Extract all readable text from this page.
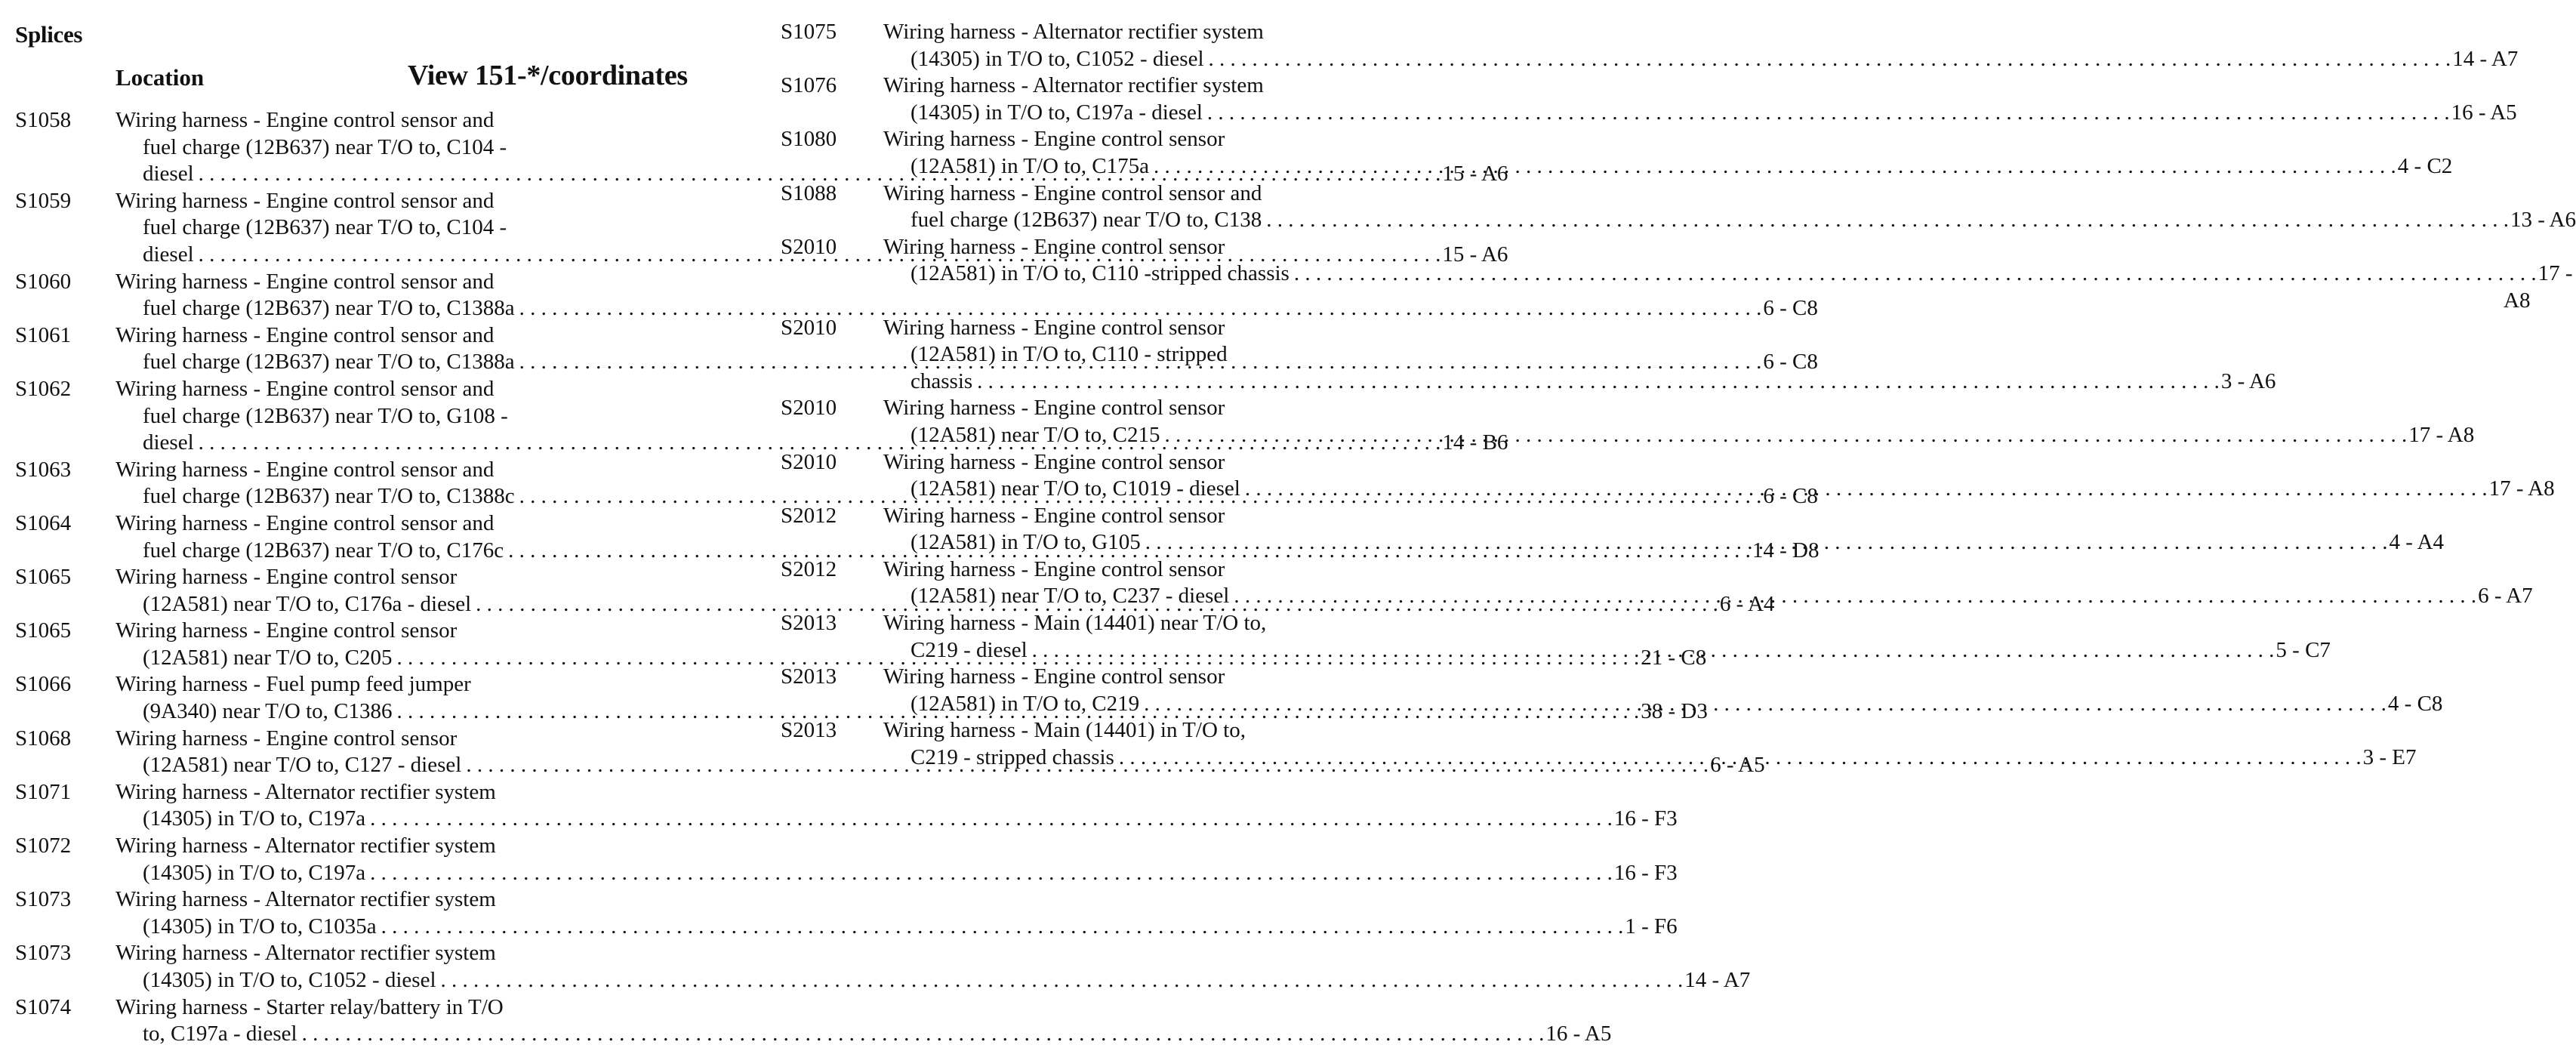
Splices
Location	View 151-*/coordinates
S1058	Wiring harness - Engine control sensor and
fuel charge (12B637) near T/O to, C104 -
diesel . . .	15 - A6
S1059	Wiring harness - Engine control sensor and
fuel charge (12B637) near T/O to, C104 -
diesel . . .	15 - A6
S1060	Wiring harness - Engine control sensor and
fuel charge (12B637) near T/O to, C1388a . . .	6 - C8
S1061	Wiring harness - Engine control sensor and
fuel charge (12B637) near T/O to, C1388a . . .	6 - C8
S1062	Wiring harness - Engine control sensor and
fuel charge (12B637) near T/O to, G108 -
diesel . . .	14 - B6
S1063	Wiring harness - Engine control sensor and
fuel charge (12B637) near T/O to, C1388c . . .	6 - C8
S1064	Wiring harness - Engine control sensor and
fuel charge (12B637) near T/O to, C176c . . .	14 - D8
S1065	Wiring harness - Engine control sensor
(12A581) near T/O to, C176a - diesel . . .	6 - A4
S1065	Wiring harness - Engine control sensor
(12A581) near T/O to, C205 . . .	21 - C8
S1066	Wiring harness - Fuel pump feed jumper
(9A340) near T/O to, C1386 . . .	38 - D3
S1068	Wiring harness - Engine control sensor
(12A581) near T/O to, C127 - diesel . . .	6 - A5
S1071	Wiring harness - Alternator rectifier system
(14305) in T/O to, C197a . . .	16 - F3
S1072	Wiring harness - Alternator rectifier system
(14305) in T/O to, C197a . . .	16 - F3
S1073	Wiring harness - Alternator rectifier system
(14305) in T/O to, C1035a . . .	1 - F6
S1073	Wiring harness - Alternator rectifier system
(14305) in T/O to, C1052 - diesel . . .	14 - A7
S1074	Wiring harness - Starter relay/battery in T/O
to, C197a - diesel . . .	16 - A5
S1075	Wiring harness - Alternator rectifier system
(14305) in T/O to, C1052 - diesel . . .	14 - A7
S1076	Wiring harness - Alternator rectifier system
(14305) in T/O to, C197a - diesel . . .	16 - A5
S1080	Wiring harness - Engine control sensor
(12A581) in T/O to, C175a . . .	4 - C2
S1088	Wiring harness - Engine control sensor and
fuel charge (12B637) near T/O to, C138 . . .	13 - A6
S2010	Wiring harness - Engine control sensor
(12A581) in T/O to, C110 -stripped chassis . . .	17 -
A8
S2010	Wiring harness - Engine control sensor
(12A581) in T/O to, C110 - stripped
chassis . . .	3 - A6
S2010	Wiring harness - Engine control sensor
(12A581) near T/O to, C215 . . .	17 - A8
S2010	Wiring harness - Engine control sensor
(12A581) near T/O to, C1019 - diesel . . .	17 - A8
S2012	Wiring harness - Engine control sensor
(12A581) in T/O to, G105 . . .	4 - A4
S2012	Wiring harness - Engine control sensor
(12A581) near T/O to, C237 - diesel . . .	6 - A7
S2013	Wiring harness - Main (14401) near T/O to,
C219 - diesel . . .	5 - C7
S2013	Wiring harness - Engine control sensor
(12A581) in T/O to, C219 . . .	4 - C8
S2013	Wiring harness - Main (14401) in T/O to,
C219 - stripped chassis . . .	3 - E7
